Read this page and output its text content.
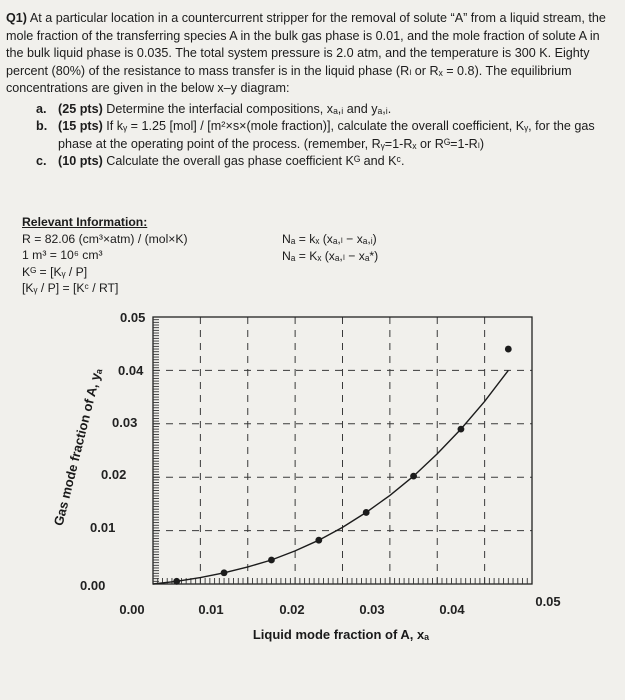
Q1) At a particular location in a countercurrent stripper for the removal of solute “A” from a liquid stream, the mole fraction of the transferring species A in the bulk gas phase is 0.01, and the mole fraction of solute A in the bulk liquid phase is 0.035. The total system pressure is 2.0 atm, and the temperature is 300 K. Eighty percent (80%) of the resistance to mass transfer is in the liquid phase (Rₗ or Rₓ = 0.8). The equilibrium concentrations are given in the below x–y diagram:

a. (25 pts) Determine the interfacial compositions, xₐ,ᵢ and yₐ,ᵢ.
b. (15 pts) If kᵧ = 1.25 [mol] / [m²×s×(mole fraction)], calculate the overall coefficient, Kᵧ, for the gas phase at the operating point of the process. (remember, Rᵧ=1-Rₓ or Rᴳ=1-Rₗ)
c. (10 pts) Calculate the overall gas phase coefficient Kᴳ and Kᶜ.
Relevant Information:
R = 82.06 (cm³×atm) / (mol×K)
1 m³ = 10⁶ cm³
Kᴳ = [Kᵧ / P]
[Kᵧ / P] = [Kᶜ / RT]
Nₐ = kₓ (xₐ,ₗ − xₐ,ᵢ)
Nₐ = Kₓ (xₐ,ₗ − xₐ*)
0.00	0.01	0.02	0.03	0.04
0.05
0.00
0.01
0.02
0.03
0.04
0.05
Liquid mode fraction of A, xₐ
Gas mode fraction of A, yₐ
